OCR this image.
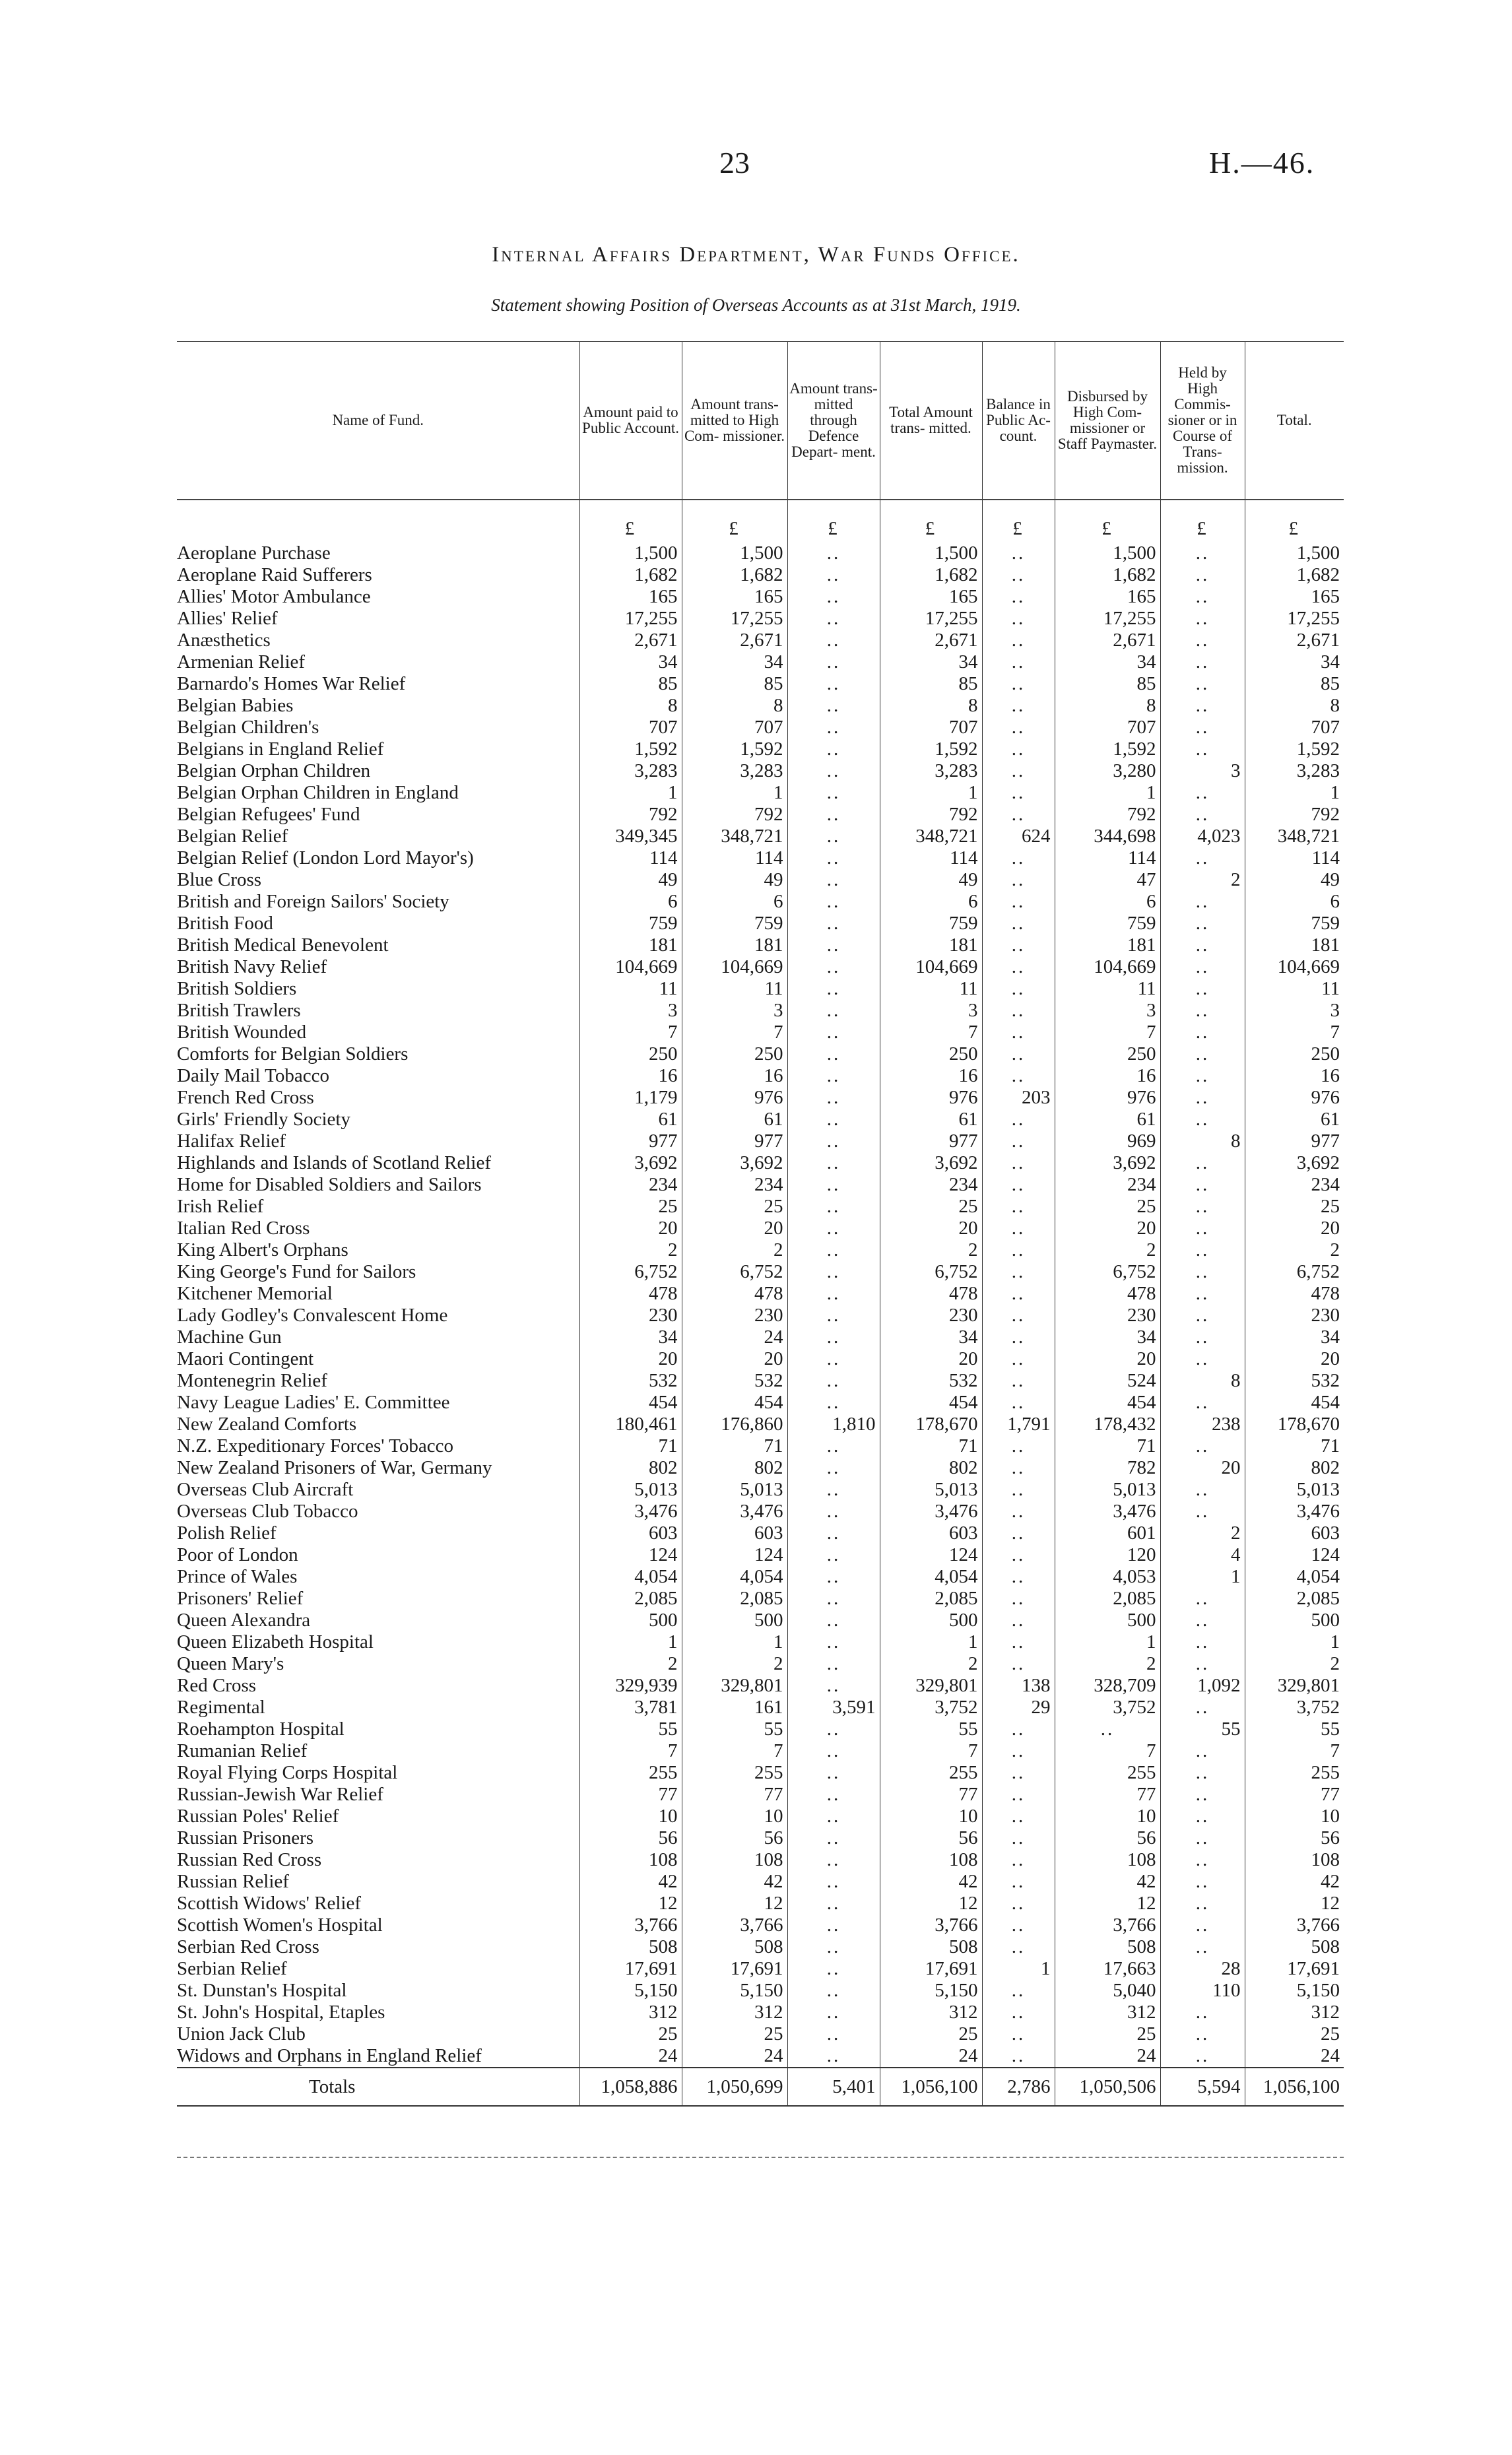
23	H.—46.
Internal Affairs Department, War Funds Office.
Statement showing Position of Overseas Accounts as at 31st March, 1919.

Name of Fund.	Amount paid to Public Account.	Amount trans- mitted to High Com- missioner.	Amount trans- mitted through Defence Depart- ment.	Total Amount trans- mitted.	Balance in Public Ac- count.	Disbursed by High Com- missioner or Staff Paymaster.	Held by High Commis- sioner or in Course of Trans- mission.	Total.
	£	£	£	£	£	£	£	£
Aeroplane Purchase	1,500	1,500	..	1,500	..	1,500	..	1,500
Aeroplane Raid Sufferers	1,682	1,682	..	1,682	..	1,682	..	1,682
Allies' Motor Ambulance	165	165	..	165	..	165	..	165
Allies' Relief	17,255	17,255	..	17,255	..	17,255	..	17,255
Anæsthetics	2,671	2,671	..	2,671	..	2,671	..	2,671
Armenian Relief	34	34	..	34	..	34	..	34
Barnardo's Homes War Relief	85	85	..	85	..	85	..	85
Belgian Babies	8	8	..	8	..	8	..	8
Belgian Children's	707	707	..	707	..	707	..	707
Belgians in England Relief	1,592	1,592	..	1,592	..	1,592	..	1,592
Belgian Orphan Children	3,283	3,283	..	3,283	..	3,280	3	3,283
Belgian Orphan Children in England	1	1	..	1	..	1	..	1
Belgian Refugees' Fund	792	792	..	792	..	792	..	792
Belgian Relief	349,345	348,721	..	348,721	624	344,698	4,023	348,721
Belgian Relief (London Lord Mayor's)	114	114	..	114	..	114	..	114
Blue Cross	49	49	..	49	..	47	2	49
British and Foreign Sailors' Society	6	6	..	6	..	6	..	6
British Food	759	759	..	759	..	759	..	759
British Medical Benevolent	181	181	..	181	..	181	..	181
British Navy Relief	104,669	104,669	..	104,669	..	104,669	..	104,669
British Soldiers	11	11	..	11	..	11	..	11
British Trawlers	3	3	..	3	..	3	..	3
British Wounded	7	7	..	7	..	7	..	7
Comforts for Belgian Soldiers	250	250	..	250	..	250	..	250
Daily Mail Tobacco	16	16	..	16	..	16	..	16
French Red Cross	1,179	976	..	976	203	976	..	976
Girls' Friendly Society	61	61	..	61	..	61	..	61
Halifax Relief	977	977	..	977	..	969	8	977
Highlands and Islands of Scotland Relief	3,692	3,692	..	3,692	..	3,692	..	3,692
Home for Disabled Soldiers and Sailors	234	234	..	234	..	234	..	234
Irish Relief	25	25	..	25	..	25	..	25
Italian Red Cross	20	20	..	20	..	20	..	20
King Albert's Orphans	2	2	..	2	..	2	..	2
King George's Fund for Sailors	6,752	6,752	..	6,752	..	6,752	..	6,752
Kitchener Memorial	478	478	..	478	..	478	..	478
Lady Godley's Convalescent Home	230	230	..	230	..	230	..	230
Machine Gun	34	24	..	34	..	34	..	34
Maori Contingent	20	20	..	20	..	20	..	20
Montenegrin Relief	532	532	..	532	..	524	8	532
Navy League Ladies' E. Committee	454	454	..	454	..	454	..	454
New Zealand Comforts	180,461	176,860	1,810	178,670	1,791	178,432	238	178,670
N.Z. Expeditionary Forces' Tobacco	71	71	..	71	..	71	..	71
New Zealand Prisoners of War, Germany	802	802	..	802	..	782	20	802
Overseas Club Aircraft	5,013	5,013	..	5,013	..	5,013	..	5,013
Overseas Club Tobacco	3,476	3,476	..	3,476	..	3,476	..	3,476
Polish Relief	603	603	..	603	..	601	2	603
Poor of London	124	124	..	124	..	120	4	124
Prince of Wales	4,054	4,054	..	4,054	..	4,053	1	4,054
Prisoners' Relief	2,085	2,085	..	2,085	..	2,085	..	2,085
Queen Alexandra	500	500	..	500	..	500	..	500
Queen Elizabeth Hospital	1	1	..	1	..	1	..	1
Queen Mary's	2	2	..	2	..	2	..	2
Red Cross	329,939	329,801	..	329,801	138	328,709	1,092	329,801
Regimental	3,781	161	3,591	3,752	29	3,752	..	3,752
Roehampton Hospital	55	55	..	55	..	..	55	55
Rumanian Relief	7	7	..	7	..	7	..	7
Royal Flying Corps Hospital	255	255	..	255	..	255	..	255
Russian-Jewish War Relief	77	77	..	77	..	77	..	77
Russian Poles' Relief	10	10	..	10	..	10	..	10
Russian Prisoners	56	56	..	56	..	56	..	56
Russian Red Cross	108	108	..	108	..	108	..	108
Russian Relief	42	42	..	42	..	42	..	42
Scottish Widows' Relief	12	12	..	12	..	12	..	12
Scottish Women's Hospital	3,766	3,766	..	3,766	..	3,766	..	3,766
Serbian Red Cross	508	508	..	508	..	508	..	508
Serbian Relief	17,691	17,691	..	17,691	1	17,663	28	17,691
St. Dunstan's Hospital	5,150	5,150	..	5,150	..	5,040	110	5,150
St. John's Hospital, Etaples	312	312	..	312	..	312	..	312
Union Jack Club	25	25	..	25	..	25	..	25
Widows and Orphans in England Relief	24	24	..	24	..	24	..	24
Totals	1,058,886	1,050,699	5,401	1,056,100	2,786	1,050,506	5,594	1,056,100
